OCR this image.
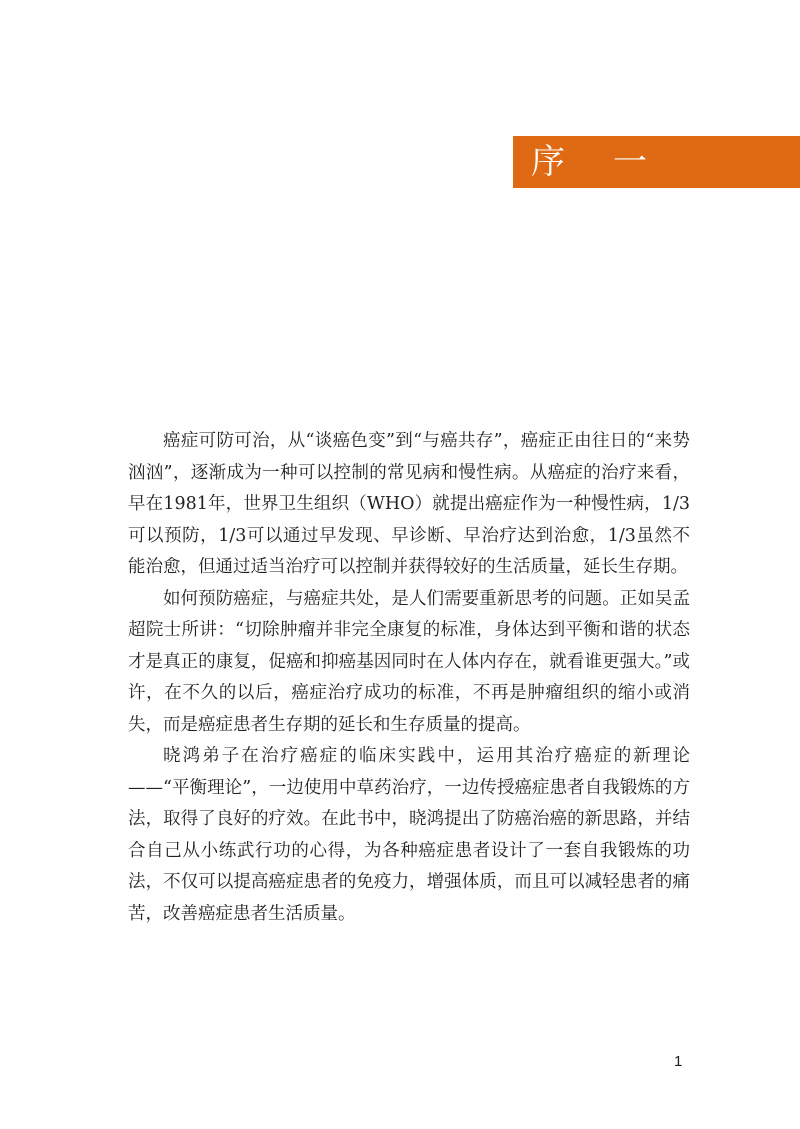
序 一

癌症可防可治，从“谈癌色变”到“与癌共存”，癌症正由往日的“来势汹汹”，逐渐成为一种可以控制的常见病和慢性病。从癌症的治疗来看，早在1981年，世界卫生组织（WHO）就提出癌症作为一种慢性病，1/3可以预防，1/3可以通过早发现、早诊断、早治疗达到治愈，1/3虽然不能治愈，但通过适当治疗可以控制并获得较好的生活质量，延长生存期。

如何预防癌症，与癌症共处，是人们需要重新思考的问题。正如吴孟超院士所讲：“切除肿瘤并非完全康复的标准，身体达到平衡和谐的状态才是真正的康复，促癌和抑癌基因同时在人体内存在，就看谁更强大。”或许，在不久的以后，癌症治疗成功的标准，不再是肿瘤组织的缩小或消失，而是癌症患者生存期的延长和生存质量的提高。

晓鸿弟子在治疗癌症的临床实践中，运用其治疗癌症的新理论——“平衡理论”，一边使用中草药治疗，一边传授癌症患者自我锻炼的方法，取得了良好的疗效。在此书中，晓鸿提出了防癌治癌的新思路，并结合自己从小练武行功的心得，为各种癌症患者设计了一套自我锻炼的功法，不仅可以提高癌症患者的免疫力，增强体质，而且可以减轻患者的痛苦，改善癌症患者生活质量。

1
